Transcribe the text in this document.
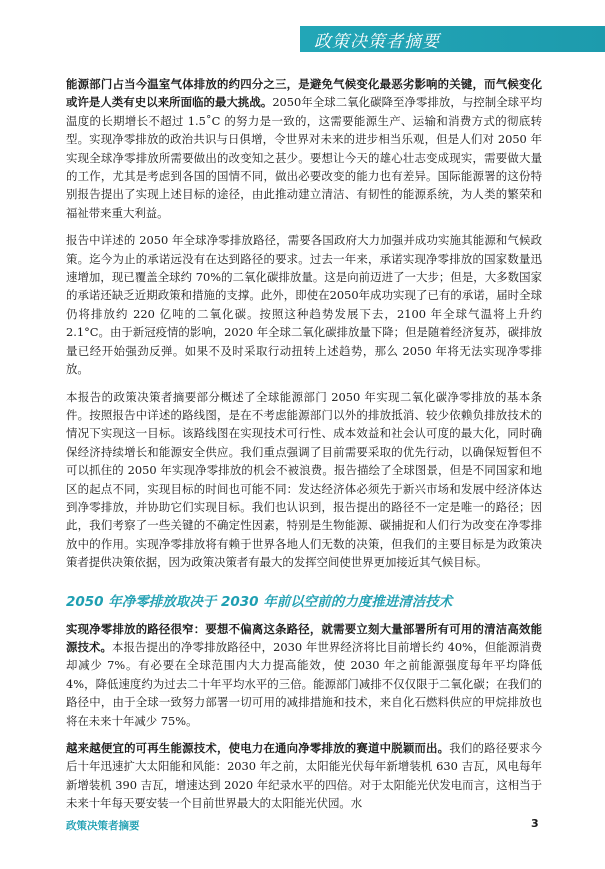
政策决策者摘要

能源部门占当今温室气体排放的约四分之三，是避免气候变化最恶劣影响的关键，而气候变化或许是人类有史以来所面临的最大挑战。2050年全球二氧化碳降至净零排放，与控制全球平均温度的长期增长不超过 1.5˚C 的努力是一致的，这需要能源生产、运输和消费方式的彻底转型。实现净零排放的政治共识与日俱增，令世界对未来的进步相当乐观，但是人们对 2050 年实现全球净零排放所需要做出的改变知之甚少。要想让今天的雄心壮志变成现实，需要做大量的工作，尤其是考虑到各国的国情不同，做出必要改变的能力也有差异。国际能源署的这份特别报告提出了实现上述目标的途径，由此推动建立清洁、有韧性的能源系统，为人类的繁荣和福祉带来重大利益。

报告中详述的 2050 年全球净零排放路径，需要各国政府大力加强并成功实施其能源和气候政策。迄今为止的承诺远没有在达到路径的要求。过去一年来，承诺实现净零排放的国家数量迅速增加，现已覆盖全球约 70%的二氧化碳排放量。这是向前迈进了一大步；但是，大多数国家的承诺还缺乏近期政策和措施的支撑。此外，即使在2050年成功实现了已有的承诺，届时全球仍将排放约 220 亿吨的二氧化碳。按照这种趋势发展下去，2100 年全球气温将上升约 2.1°C。由于新冠疫情的影响，2020 年全球二氧化碳排放量下降；但是随着经济复苏，碳排放量已经开始强劲反弹。如果不及时采取行动扭转上述趋势，那么 2050 年将无法实现净零排放。

本报告的政策决策者摘要部分概述了全球能源部门 2050 年实现二氧化碳净零排放的基本条件。按照报告中详述的路线图，是在不考虑能源部门以外的排放抵消、较少依赖负排放技术的情况下实现这一目标。该路线图在实现技术可行性、成本效益和社会认可度的最大化，同时确保经济持续增长和能源安全供应。我们重点强调了目前需要采取的优先行动，以确保短暂但不可以抓住的 2050 年实现净零排放的机会不被浪费。报告描绘了全球图景，但是不同国家和地区的起点不同，实现目标的时间也可能不同：发达经济体必须先于新兴市场和发展中经济体达到净零排放，并协助它们实现目标。我们也认识到，报告提出的路径不一定是唯一的路径；因此，我们考察了一些关键的不确定性因素，特别是生物能源、碳捕捉和人们行为改变在净零排放中的作用。实现净零排放将有赖于世界各地人们无数的决策，但我们的主要目标是为政策决策者提供决策依据，因为政策决策者有最大的发挥空间使世界更加接近其气候目标。

2050 年净零排放取决于 2030 年前以空前的力度推进清洁技术

实现净零排放的路径很窄：要想不偏离这条路径，就需要立刻大量部署所有可用的清洁高效能源技术。本报告提出的净零排放路径中，2030 年世界经济将比目前增长约 40%，但能源消费却减少 7%。有必要在全球范围内大力提高能效，使 2030 年之前能源强度每年平均降低 4%，降低速度约为过去二十年平均水平的三倍。能源部门减排不仅仅限于二氧化碳；在我们的路径中，由于全球一致努力部署一切可用的减排措施和技术，来自化石燃料供应的甲烷排放也将在未来十年减少 75%。

越来越便宜的可再生能源技术，使电力在通向净零排放的赛道中脱颖而出。我们的路径要求今后十年迅速扩大太阳能和风能：2030 年之前，太阳能光伏每年新增装机 630 吉瓦，风电每年新增装机 390 吉瓦，增速达到 2020 年纪录水平的四倍。对于太阳能光伏发电而言，这相当于未来十年每天要安装一个目前世界最大的太阳能光伏园。水

政策决策者摘要	3
